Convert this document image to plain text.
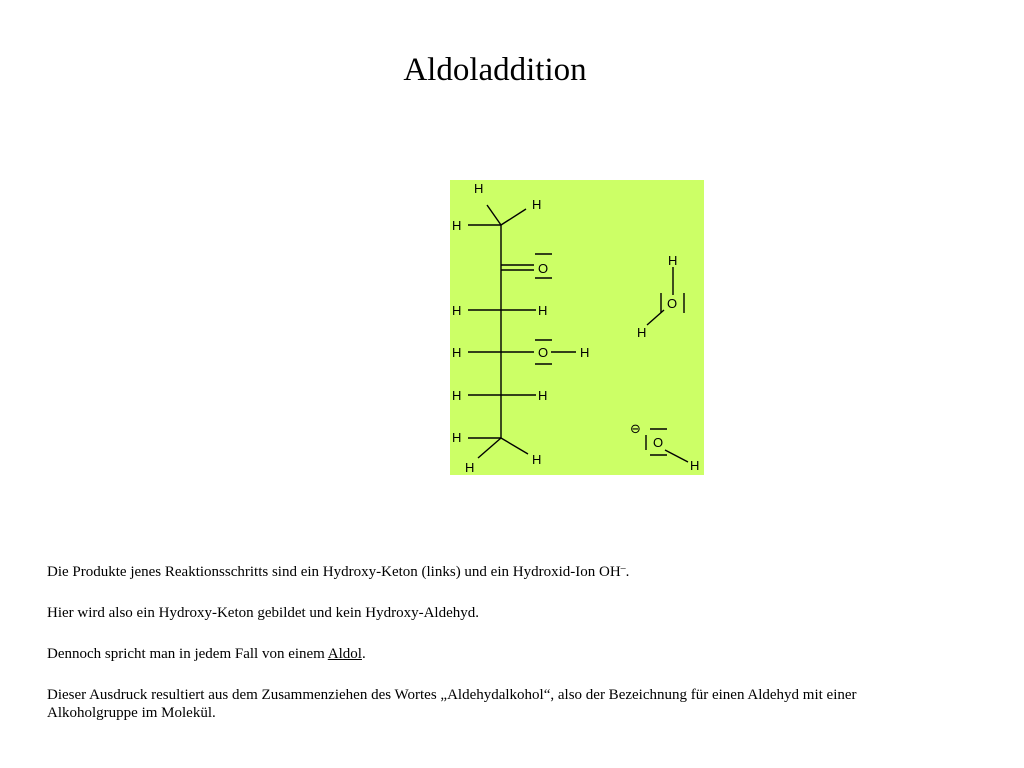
Aldoladdition
H
H
H
O
H	H
H	O H
H	H
H
H
H
H
O
H
⊖
O
H

Die Produkte jenes Reaktionsschritts sind ein Hydroxy-Keton (links) und ein Hydroxid-Ion OH–.

Hier wird also ein Hydroxy-Keton gebildet und kein Hydroxy-Aldehyd.

Dennoch spricht man in jedem Fall von einem Aldol.

Dieser Ausdruck resultiert aus dem Zusammenziehen des Wortes „Aldehydalkohol“, also der Bezeichnung für einen Aldehyd mit einer Alkoholgruppe im Molekül.
